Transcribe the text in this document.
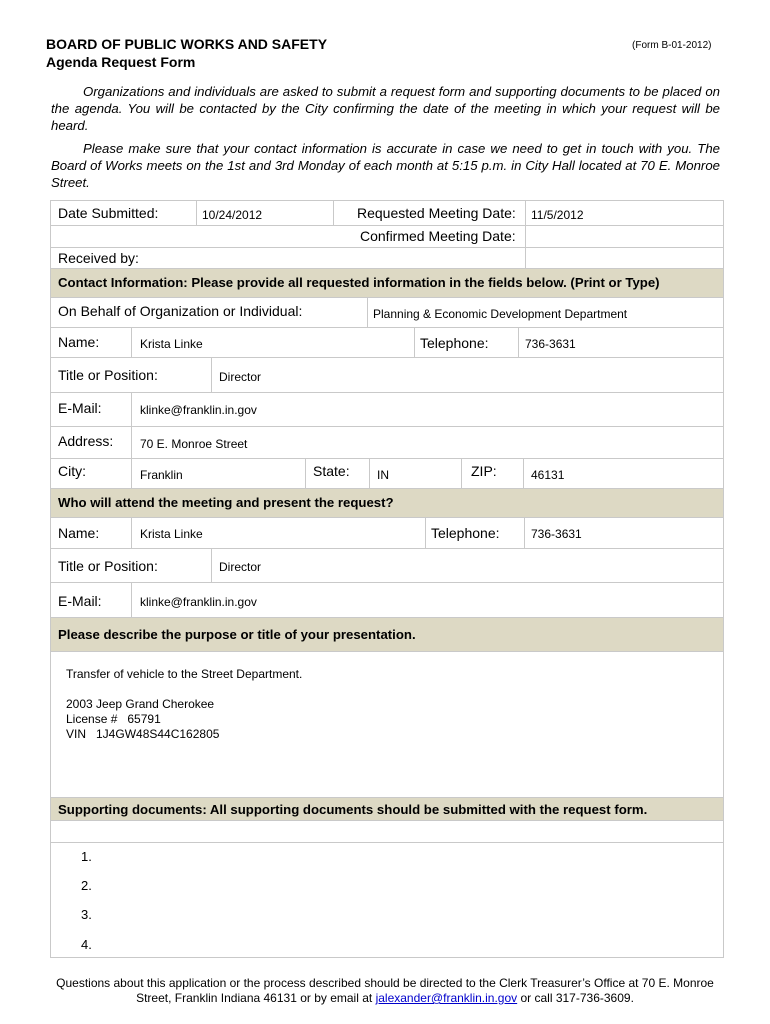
BOARD OF PUBLIC WORKS AND SAFETY
Agenda Request Form
(Form B-01-2012)
Organizations and individuals are asked to submit a request form and supporting documents to be placed on the agenda. You will be contacted by the City confirming the date of the meeting in which your request will be heard.
Please make sure that your contact information is accurate in case we need to get in touch with you. The Board of Works meets on the 1st and 3rd Monday of each month at 5:15 p.m. in City Hall located at 70 E. Monroe Street.
Date Submitted:	10/24/2012	Requested Meeting Date: 11/5/2012
Confirmed Meeting Date:
Received by:
Contact Information: Please provide all requested information in the fields below. (Print or Type)
On Behalf of Organization or Individual:	Planning & Economic Development Department
Name:	Krista Linke	Telephone:	736-3631
Title or Position:	Director
E-Mail:	klinke@franklin.in.gov
Address: 70 E. Monroe Street
City:	Franklin	State: IN	ZIP:	46131
Who will attend the meeting and present the request?
Name:	Krista Linke	Telephone:	736-3631
Title or Position:	Director
E-Mail:	klinke@franklin.in.gov
Please describe the purpose or title of your presentation.
Transfer of vehicle to the Street Department.
2003 Jeep Grand Cherokee
License #   65791
VIN   1J4GW48S44C162805
Supporting documents: All supporting documents should be submitted with the request form.
1.
2.
3.
4.
Questions about this application or the process described should be directed to the Clerk Treasurer’s Office at 70 E. Monroe Street, Franklin Indiana 46131 or by email at jalexander@franklin.in.gov or call 317-736-3609.
